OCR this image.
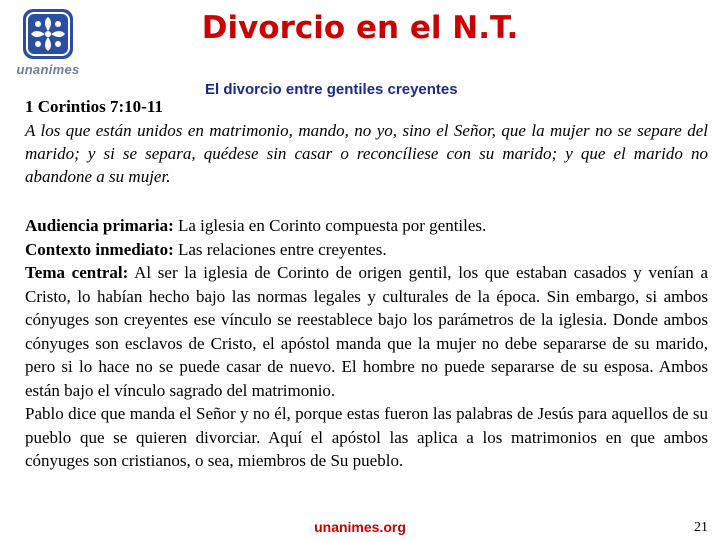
unanimes
Divorcio en el N.T.
El divorcio entre gentiles creyentes
1 Corintios 7:10-11
A los que están unidos en matrimonio, mando, no yo, sino el Señor, que la mujer no se separe del marido; y si se separa, quédese sin casar o reconcíliese con su marido; y que el marido no abandone a su mujer.

Audiencia primaria: La iglesia en Corinto compuesta por gentiles.

Contexto inmediato: Las relaciones entre creyentes.

Tema central: Al ser la iglesia de Corinto de origen gentil, los que estaban casados y venían a Cristo, lo habían hecho bajo las normas legales y culturales de la época. Sin embargo, si ambos cónyuges son creyentes ese vínculo se reestablece bajo los parámetros de la iglesia. Donde ambos cónyuges son esclavos de Cristo, el apóstol manda que la mujer no debe separarse de su marido, pero si lo hace no se puede casar de nuevo. El hombre no puede separarse de su esposa. Ambos están bajo el vínculo sagrado del matrimonio.

Pablo dice que manda el Señor y no él, porque estas fueron las palabras de Jesús para aquellos de su pueblo que se quieren divorciar. Aquí el apóstol las aplica a los matrimonios en que ambos cónyuges son cristianos, o sea, miembros de Su pueblo.

unanimes.org	21
